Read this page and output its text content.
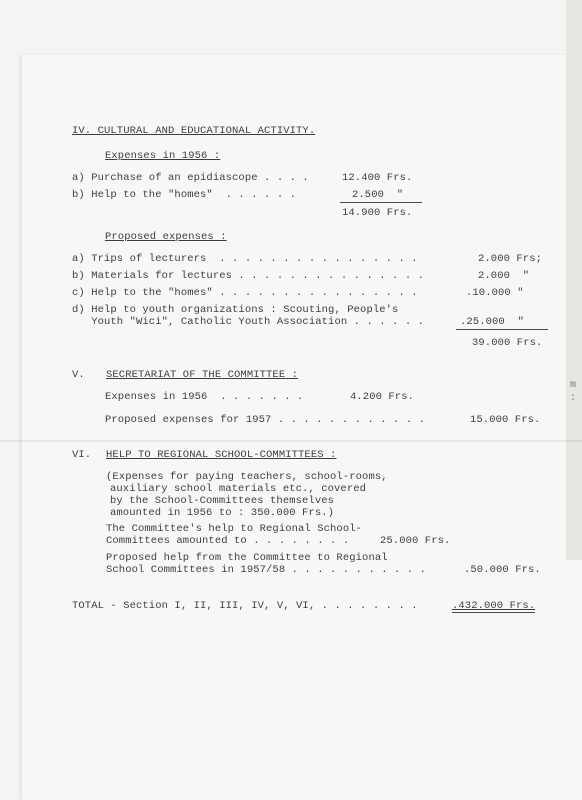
IV. CULTURAL AND EDUCATIONAL ACTIVITY.
Expenses in 1956 :
a) Purchase of an epidiascope . . . .	12.400 Frs.
b) Help to the "homes"  . . . . . .	2.500  "
14.900 Frs.
Proposed expenses :
a) Trips of lecturers  . . . . . . . . . . . . . . . .	2.000 Frs;
b) Materials for lectures . . . . . . . . . . . . . . .	2.000  "
c) Help to the "homes" . . . . . . . . . . . . . . . .	.10.000 "
d) Help to youth organizations : Scouting, People's
Youth "Wici", Catholic Youth Association . . . . . .	.25.000  "
39.000 Frs.
V. SECRETARIAT OF THE COMMITTEE :
Expenses in 1956  . . . . . . .	4.200 Frs.
Proposed expenses for 1957 . . . . . . . . . . . .	15.000 Frs.
VI. HELP TO REGIONAL SCHOOL-COMMITTEES :
(Expenses for paying teachers, school-rooms,
auxiliary school materials etc., covered
by the School-Committees themselves
amounted in 1956 to : 350.000 Frs.)
The Committee's help to Regional School-
Committees amounted to . . . . . . . .	25.000 Frs.
Proposed help from the Committee to Regional
School Committees in 1957/58 . . . . . . . . . . .	.50.000 Frs.
TOTAL - Section I, II, III, IV, V, VI, . . . . . . . .	.432.000 Frs.
m
:
